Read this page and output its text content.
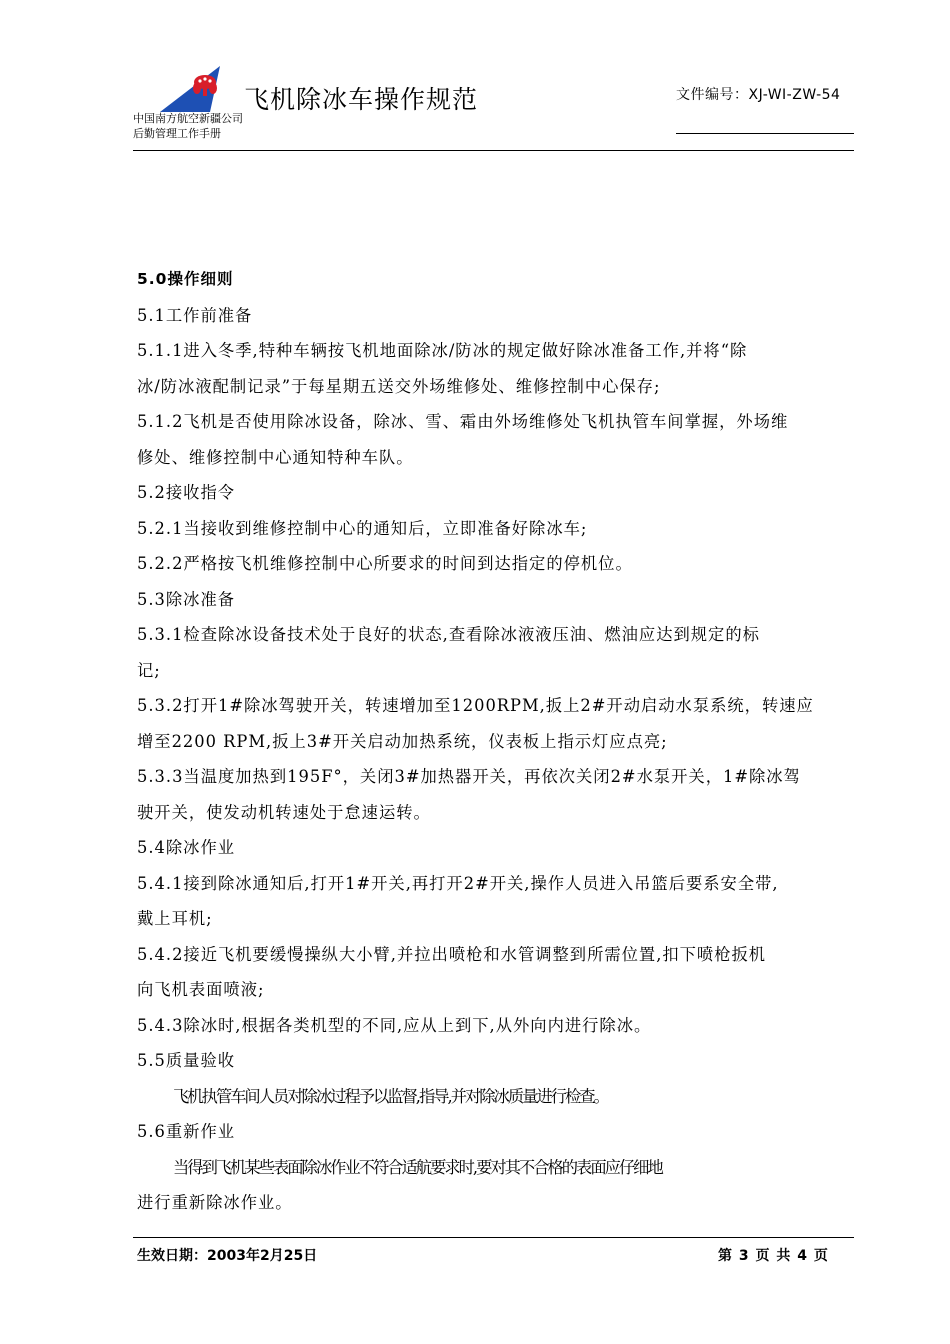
飞机除冰车操作规范
中国南方航空新疆公司
后勤管理工作手册
文件编号：XJ-WI-ZW-54

5.0操作细则

5.1工作前准备

5.1.1进入冬季,特种车辆按飞机地面除冰/防冰的规定做好除冰准备工作,并将“除

冰/防冰液配制记录”于每星期五送交外场维修处、维修控制中心保存;

5.1.2飞机是否使用除冰设备，除冰、雪、霜由外场维修处飞机执管车间掌握，外场维

修处、维修控制中心通知特种车队。

5.2接收指令

5.2.1当接收到维修控制中心的通知后，立即准备好除冰车;

5.2.2严格按飞机维修控制中心所要求的时间到达指定的停机位。

5.3除冰准备

5.3.1检查除冰设备技术处于良好的状态,查看除冰液液压油、燃油应达到规定的标

记;

5.3.2打开1#除冰驾驶开关，转速增加至1200RPM,扳上2#开动启动水泵系统，转速应

增至2200 RPM,扳上3#开关启动加热系统，仪表板上指示灯应点亮;

5.3.3当温度加热到195F°，关闭3#加热器开关，再依次关闭2#水泵开关，1#除冰驾

驶开关，使发动机转速处于怠速运转。

5.4除冰作业

5.4.1接到除冰通知后,打开1#开关,再打开2#开关,操作人员进入吊篮后要系安全带,

戴上耳机;

5.4.2接近飞机要缓慢操纵大小臂,并拉出喷枪和水管调整到所需位置,扣下喷枪扳机

向飞机表面喷液;

5.4.3除冰时,根据各类机型的不同,应从上到下,从外向内进行除冰。

5.5质量验收

飞机执管车间人员对除冰过程予以监督,指导,并对除冰质量进行检查。

5.6重新作业

当得到飞机某些表面除冰作业不符合适航要求时,要对其不合格的表面应仔细地

进行重新除冰作业。

生效日期：2003年2月25日	第 3 页 共 4 页
